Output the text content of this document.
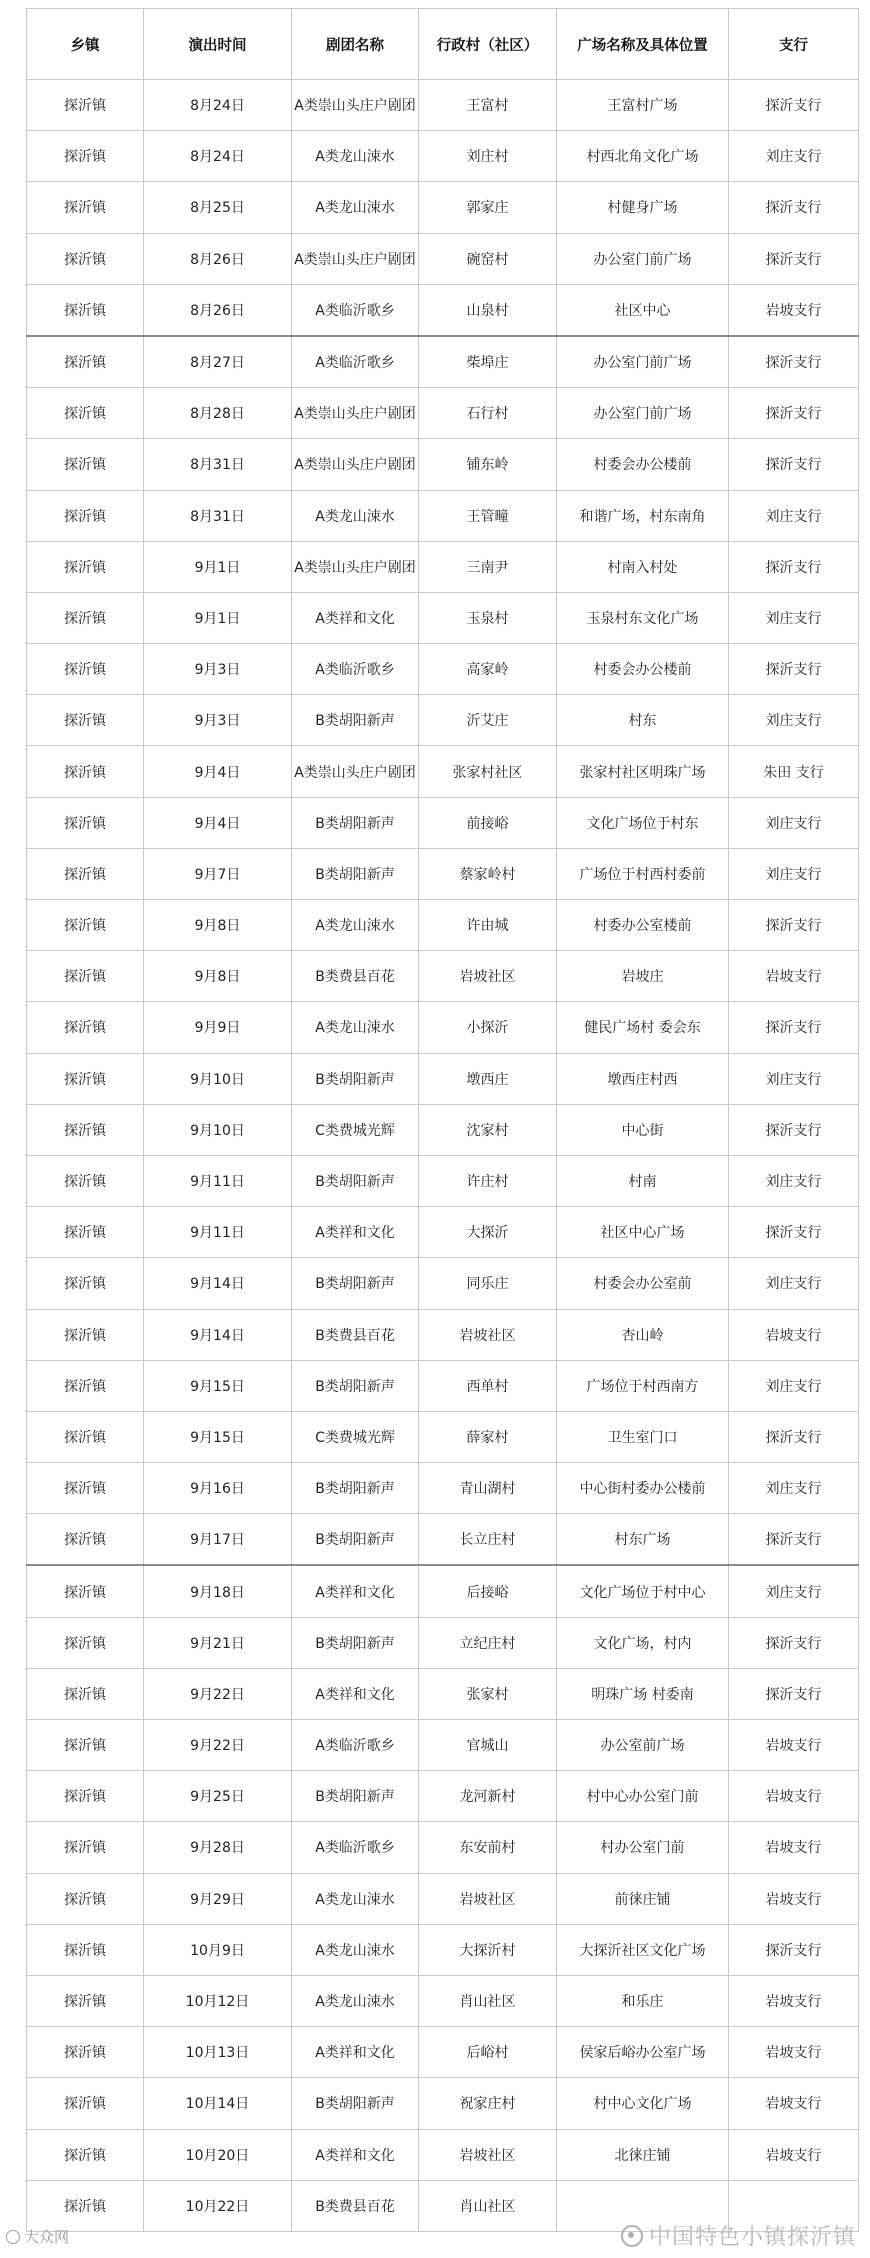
乡镇	演出时间	剧团名称	行政村（社区）	广场名称及具体位置	支行
探沂镇	8月24日	A类崇山头庄户剧团	王富村	王富村广场	探沂支行
探沂镇	8月24日	A类龙山涑水	刘庄村	村西北角文化广场	刘庄支行
探沂镇	8月25日	A类龙山涑水	郭家庄	村健身广场	探沂支行
探沂镇	8月26日	A类崇山头庄户剧团	碗窑村	办公室门前广场	探沂支行
探沂镇	8月26日	A类临沂歌乡	山泉村	社区中心	岩坡支行
探沂镇	8月27日	A类临沂歌乡	柴埠庄	办公室门前广场	探沂支行
探沂镇	8月28日	A类崇山头庄户剧团	石行村	办公室门前广场	探沂支行
探沂镇	8月31日	A类崇山头庄户剧团	铺东岭	村委会办公楼前	探沂支行
探沂镇	8月31日	A类龙山涑水	王管疃	和谐广场，村东南角	刘庄支行
探沂镇	9月1日	A类崇山头庄户剧团	三南尹	村南入村处	探沂支行
探沂镇	9月1日	A类祥和文化	玉泉村	玉泉村东文化广场	刘庄支行
探沂镇	9月3日	A类临沂歌乡	高家岭	村委会办公楼前	探沂支行
探沂镇	9月3日	B类胡阳新声	沂艾庄	村东	刘庄支行
探沂镇	9月4日	A类崇山头庄户剧团	张家村社区	张家村社区明珠广场	朱田 支行
探沂镇	9月4日	B类胡阳新声	前接峪	文化广场位于村东	刘庄支行
探沂镇	9月7日	B类胡阳新声	蔡家岭村	广场位于村西村委前	刘庄支行
探沂镇	9月8日	A类龙山涑水	许由城	村委办公室楼前	探沂支行
探沂镇	9月8日	B类费县百花	岩坡社区	岩坡庄	岩坡支行
探沂镇	9月9日	A类龙山涑水	小探沂	健民广场村 委会东	探沂支行
探沂镇	9月10日	B类胡阳新声	墩西庄	墩西庄村西	刘庄支行
探沂镇	9月10日	C类费城光辉	沈家村	中心街	探沂支行
探沂镇	9月11日	B类胡阳新声	许庄村	村南	刘庄支行
探沂镇	9月11日	A类祥和文化	大探沂	社区中心广场	探沂支行
探沂镇	9月14日	B类胡阳新声	同乐庄	村委会办公室前	刘庄支行
探沂镇	9月14日	B类费县百花	岩坡社区	杏山岭	岩坡支行
探沂镇	9月15日	B类胡阳新声	西单村	广场位于村西南方	刘庄支行
探沂镇	9月15日	C类费城光辉	薛家村	卫生室门口	探沂支行
探沂镇	9月16日	B类胡阳新声	青山湖村	中心街村委办公楼前	刘庄支行
探沂镇	9月17日	B类胡阳新声	长立庄村	村东广场	探沂支行
探沂镇	9月18日	A类祥和文化	后接峪	文化广场位于村中心	刘庄支行
探沂镇	9月21日	B类胡阳新声	立纪庄村	文化广场，村内	探沂支行
探沂镇	9月22日	A类祥和文化	张家村	明珠广场 村委南	探沂支行
探沂镇	9月22日	A类临沂歌乡	官城山	办公室前广场	岩坡支行
探沂镇	9月25日	B类胡阳新声	龙河新村	村中心办公室门前	岩坡支行
探沂镇	9月28日	A类临沂歌乡	东安前村	村办公室门前	岩坡支行
探沂镇	9月29日	A类龙山涑水	岩坡社区	前徕庄铺	岩坡支行
探沂镇	10月9日	A类龙山涑水	大探沂村	大探沂社区文化广场	探沂支行
探沂镇	10月12日	A类龙山涑水	肖山社区	和乐庄	岩坡支行
探沂镇	10月13日	A类祥和文化	后峪村	侯家后峪办公室广场	岩坡支行
探沂镇	10月14日	B类胡阳新声	祝家庄村	村中心文化广场	岩坡支行
探沂镇	10月20日	A类祥和文化	岩坡社区	北徕庄铺	岩坡支行
探沂镇	10月22日	B类费县百花	肖山社区		
大众网	中国特色小镇探沂镇
